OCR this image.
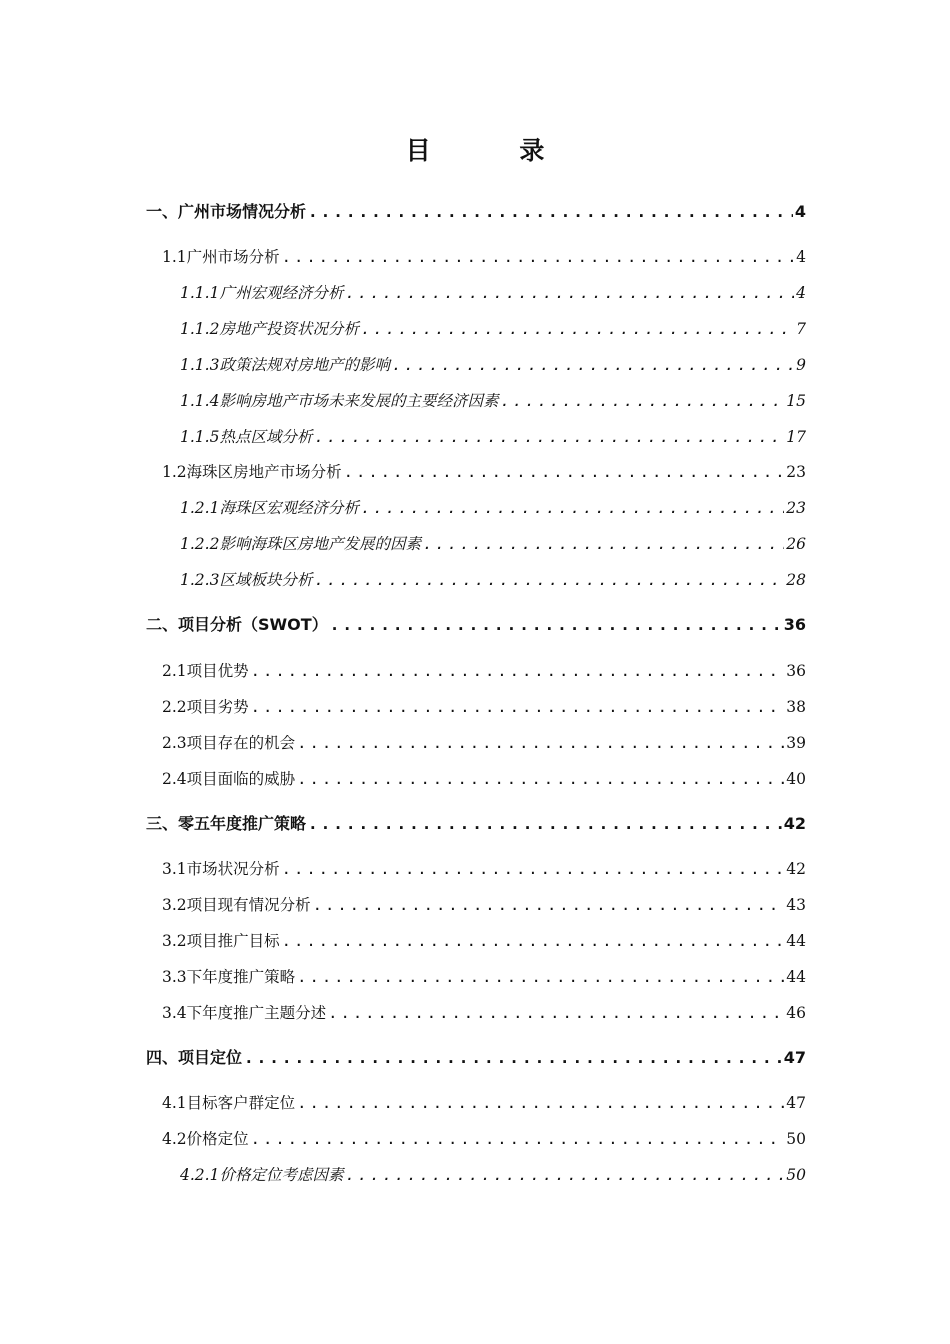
目 录
一、广州市场情况分析 .....	4
1.1广州市场分析 .....	4
1.1.1广州宏观经济分析 .....	4
1.1.2房地产投资状况分析 .....	7
1.1.3政策法规对房地产的影响 .....	9
1.1.4影响房地产市场未来发展的主要经济因素 .....	15
1.1.5热点区域分析 .....	17
1.2海珠区房地产市场分析 .....	23
1.2.1海珠区宏观经济分析 .....	23
1.2.2影响海珠区房地产发展的因素 .....	26
1.2.3区域板块分析 .....	28
二、项目分析（SWOT） .....	36
2.1项目优势 .....	36
2.2项目劣势 .....	38
2.3项目存在的机会 .....	39
2.4项目面临的威胁 .....	40
三、零五年度推广策略 .....	42
3.1市场状况分析 .....	42
3.2项目现有情况分析 .....	43
3.2项目推广目标 .....	44
3.3下年度推广策略 .....	44
3.4下年度推广主题分述 .....	46
四、项目定位 .....	47
4.1目标客户群定位 .....	47
4.2价格定位 .....	50
4.2.1价格定位考虑因素 .....	50
